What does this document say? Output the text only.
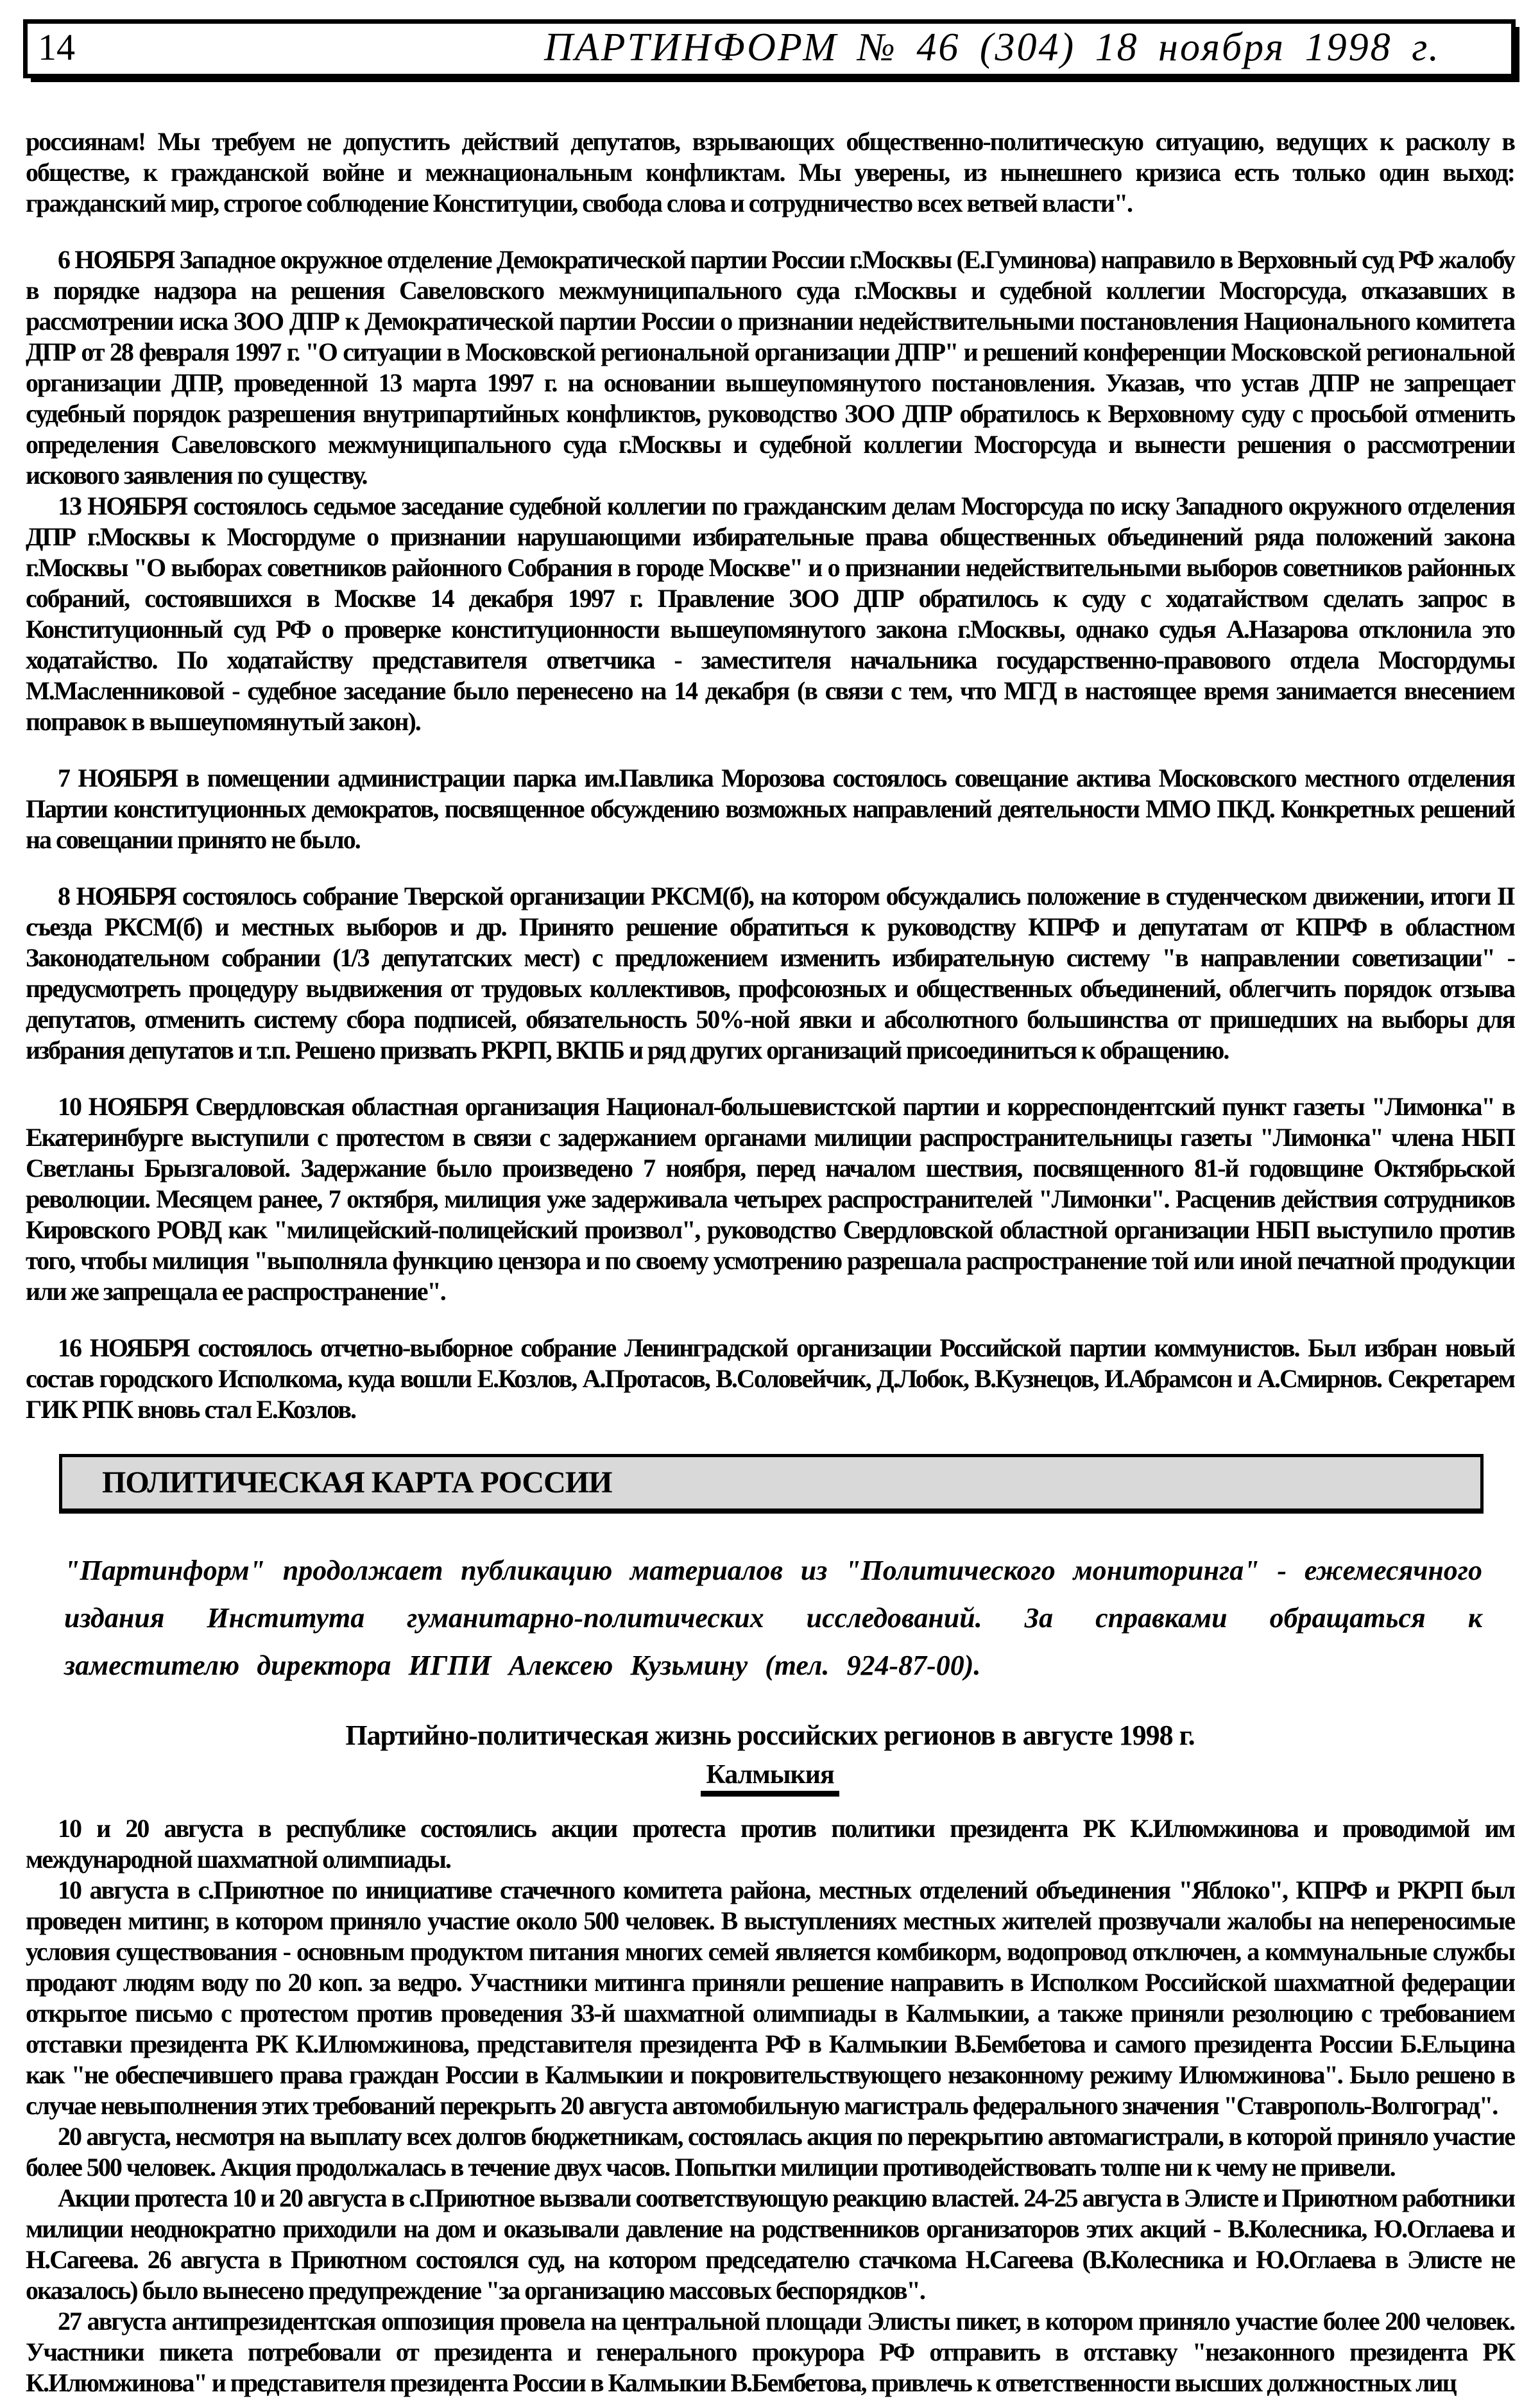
14	ПАРТИНФОРМ № 46 (304) 18 ноября 1998 г.

россиянам! Мы требуем не допустить действий депутатов, взрывающих общественно-политическую ситуацию, ведущих к расколу в обществе, к гражданской войне и межнациональным конфликтам. Мы уверены, из нынешнего кризиса есть только один выход: гражданский мир, строгое соблюдение Конституции, свобода слова и сотрудничество всех ветвей власти".

6 НОЯБРЯ Западное окружное отделение Демократической партии России г.Москвы (Е.Гуминова) направило в Верховный суд РФ жалобу в порядке надзора на решения Савеловского межмуниципального суда г.Москвы и судебной коллегии Мосгорсуда, отказавших в рассмотрении иска ЗОО ДПР к Демократической партии России о признании недействительными постановления Национального комитета ДПР от 28 февраля 1997 г. "О ситуации в Московской региональной организации ДПР" и решений конференции Московской региональной организации ДПР, проведенной 13 марта 1997 г. на основании вышеупомянутого постановления. Указав, что устав ДПР не запрещает судебный порядок разрешения внутрипартийных конфликтов, руководство ЗОО ДПР обратилось к Верховному суду с просьбой отменить определения Савеловского межмуниципального суда г.Москвы и судебной коллегии Мосгорсуда и вынести решения о рассмотрении искового заявления по существу.

13 НОЯБРЯ состоялось седьмое заседание судебной коллегии по гражданским делам Мосгорсуда по иску Западного окружного отделения ДПР г.Москвы к Мосгордуме о признании нарушающими избирательные права общественных объединений ряда положений закона г.Москвы "О выборах советников районного Собрания в городе Москве" и о признании недействительными выборов советников районных собраний, состоявшихся в Москве 14 декабря 1997 г. Правление ЗОО ДПР обратилось к суду с ходатайством сделать запрос в Конституционный суд РФ о проверке конституционности вышеупомянутого закона г.Москвы, однако судья А.Назарова отклонила это ходатайство. По ходатайству представителя ответчика - заместителя начальника государственно-правового отдела Мосгордумы М.Масленниковой - судебное заседание было перенесено на 14 декабря (в связи с тем, что МГД в настоящее время занимается внесением поправок в вышеупомянутый закон).

7 НОЯБРЯ в помещении администрации парка им.Павлика Морозова состоялось совещание актива Московского местного отделения Партии конституционных демократов, посвященное обсуждению возможных направлений деятельности ММО ПКД. Конкретных решений на совещании принято не было.

8 НОЯБРЯ состоялось собрание Тверской организации РКСМ(б), на котором обсуждались положение в студенческом движении, итоги II съезда РКСМ(б) и местных выборов и др. Принято решение обратиться к руководству КПРФ и депутатам от КПРФ в областном Законодательном собрании (1/3 депутатских мест) с предложением изменить избирательную систему "в направлении советизации" - предусмотреть процедуру выдвижения от трудовых коллективов, профсоюзных и общественных объединений, облегчить порядок отзыва депутатов, отменить систему сбора подписей, обязательность 50%-ной явки и абсолютного большинства от пришедших на выборы для избрания депутатов и т.п. Решено призвать РКРП, ВКПБ и ряд других организаций присоединиться к обращению.

10 НОЯБРЯ Свердловская областная организация Национал-большевистской партии и корреспондентский пункт газеты "Лимонка" в Екатеринбурге выступили с протестом в связи с задержанием органами милиции распространительницы газеты "Лимонка" члена НБП Светланы Брызгаловой. Задержание было произведено 7 ноября, перед началом шествия, посвященного 81-й годовщине Октябрьской революции. Месяцем ранее, 7 октября, милиция уже задерживала четырех распространителей "Лимонки". Расценив действия сотрудников Кировского РОВД как "милицейский-полицейский произвол", руководство Свердловской областной организации НБП выступило против того, чтобы милиция "выполняла функцию цензора и по своему усмотрению разрешала распространение той или иной печатной продукции или же запрещала ее распространение".

16 НОЯБРЯ состоялось отчетно-выборное собрание Ленинградской организации Российской партии коммунистов. Был избран новый состав городского Исполкома, куда вошли Е.Козлов, А.Протасов, В.Соловейчик, Д.Лобок, В.Кузнецов, И.Абрамсон и А.Смирнов. Секретарем ГИК РПК вновь стал Е.Козлов.

ПОЛИТИЧЕСКАЯ КАРТА РОССИИ
"Партинформ" продолжает публикацию материалов из "Политического мониторинга" - ежемесячного издания Института гуманитарно-политических исследований. За справками обращаться к заместителю директора ИГПИ Алексею Кузьмину (тел. 924-87-00).
Партийно-политическая жизнь российских регионов в августе 1998 г.
Калмыкия

10 и 20 августа в республике состоялись акции протеста против политики президента РК К.Илюмжинова и проводимой им международной шахматной олимпиады.

10 августа в с.Приютное по инициативе стачечного комитета района, местных отделений объединения "Яблоко", КПРФ и РКРП был проведен митинг, в котором приняло участие около 500 человек. В выступлениях местных жителей прозвучали жалобы на непереносимые условия существования - основным продуктом питания многих семей является комбикорм, водопровод отключен, а коммунальные службы продают людям воду по 20 коп. за ведро. Участники митинга приняли решение направить в Исполком Российской шахматной федерации открытое письмо с протестом против проведения 33-й шахматной олимпиады в Калмыкии, а также приняли резолюцию с требованием отставки президента РК К.Илюмжинова, представителя президента РФ в Калмыкии В.Бембетова и самого президента России Б.Ельцина как "не обеспечившего права граждан России в Калмыкии и покровительствующего незаконному режиму Илюмжинова". Было решено в случае невыполнения этих требований перекрыть 20 августа автомобильную магистраль федерального значения "Ставрополь-Волгоград".

20 августа, несмотря на выплату всех долгов бюджетникам, состоялась акция по перекрытию автомагистрали, в которой приняло участие более 500 человек. Акция продолжалась в течение двух часов. Попытки милиции противодействовать толпе ни к чему не привели.

Акции протеста 10 и 20 августа в с.Приютное вызвали соответствующую реакцию властей. 24-25 августа в Элисте и Приютном работники милиции неоднократно приходили на дом и оказывали давление на родственников организаторов этих акций - В.Колесника, Ю.Оглаева и Н.Сагеева. 26 августа в Приютном состоялся суд, на котором председателю стачкома Н.Сагеева (В.Колесника и Ю.Оглаева в Элисте не оказалось) было вынесено предупреждение "за организацию массовых беспорядков".

27 августа антипрезидентская оппозиция провела на центральной площади Элисты пикет, в котором приняло участие более 200 человек. Участники пикета потребовали от президента и генерального прокурора РФ отправить в отставку "незаконного президента РК К.Илюмжинова" и представителя президента России в Калмыкии В.Бембетова, привлечь к ответственности высших должностных лиц
